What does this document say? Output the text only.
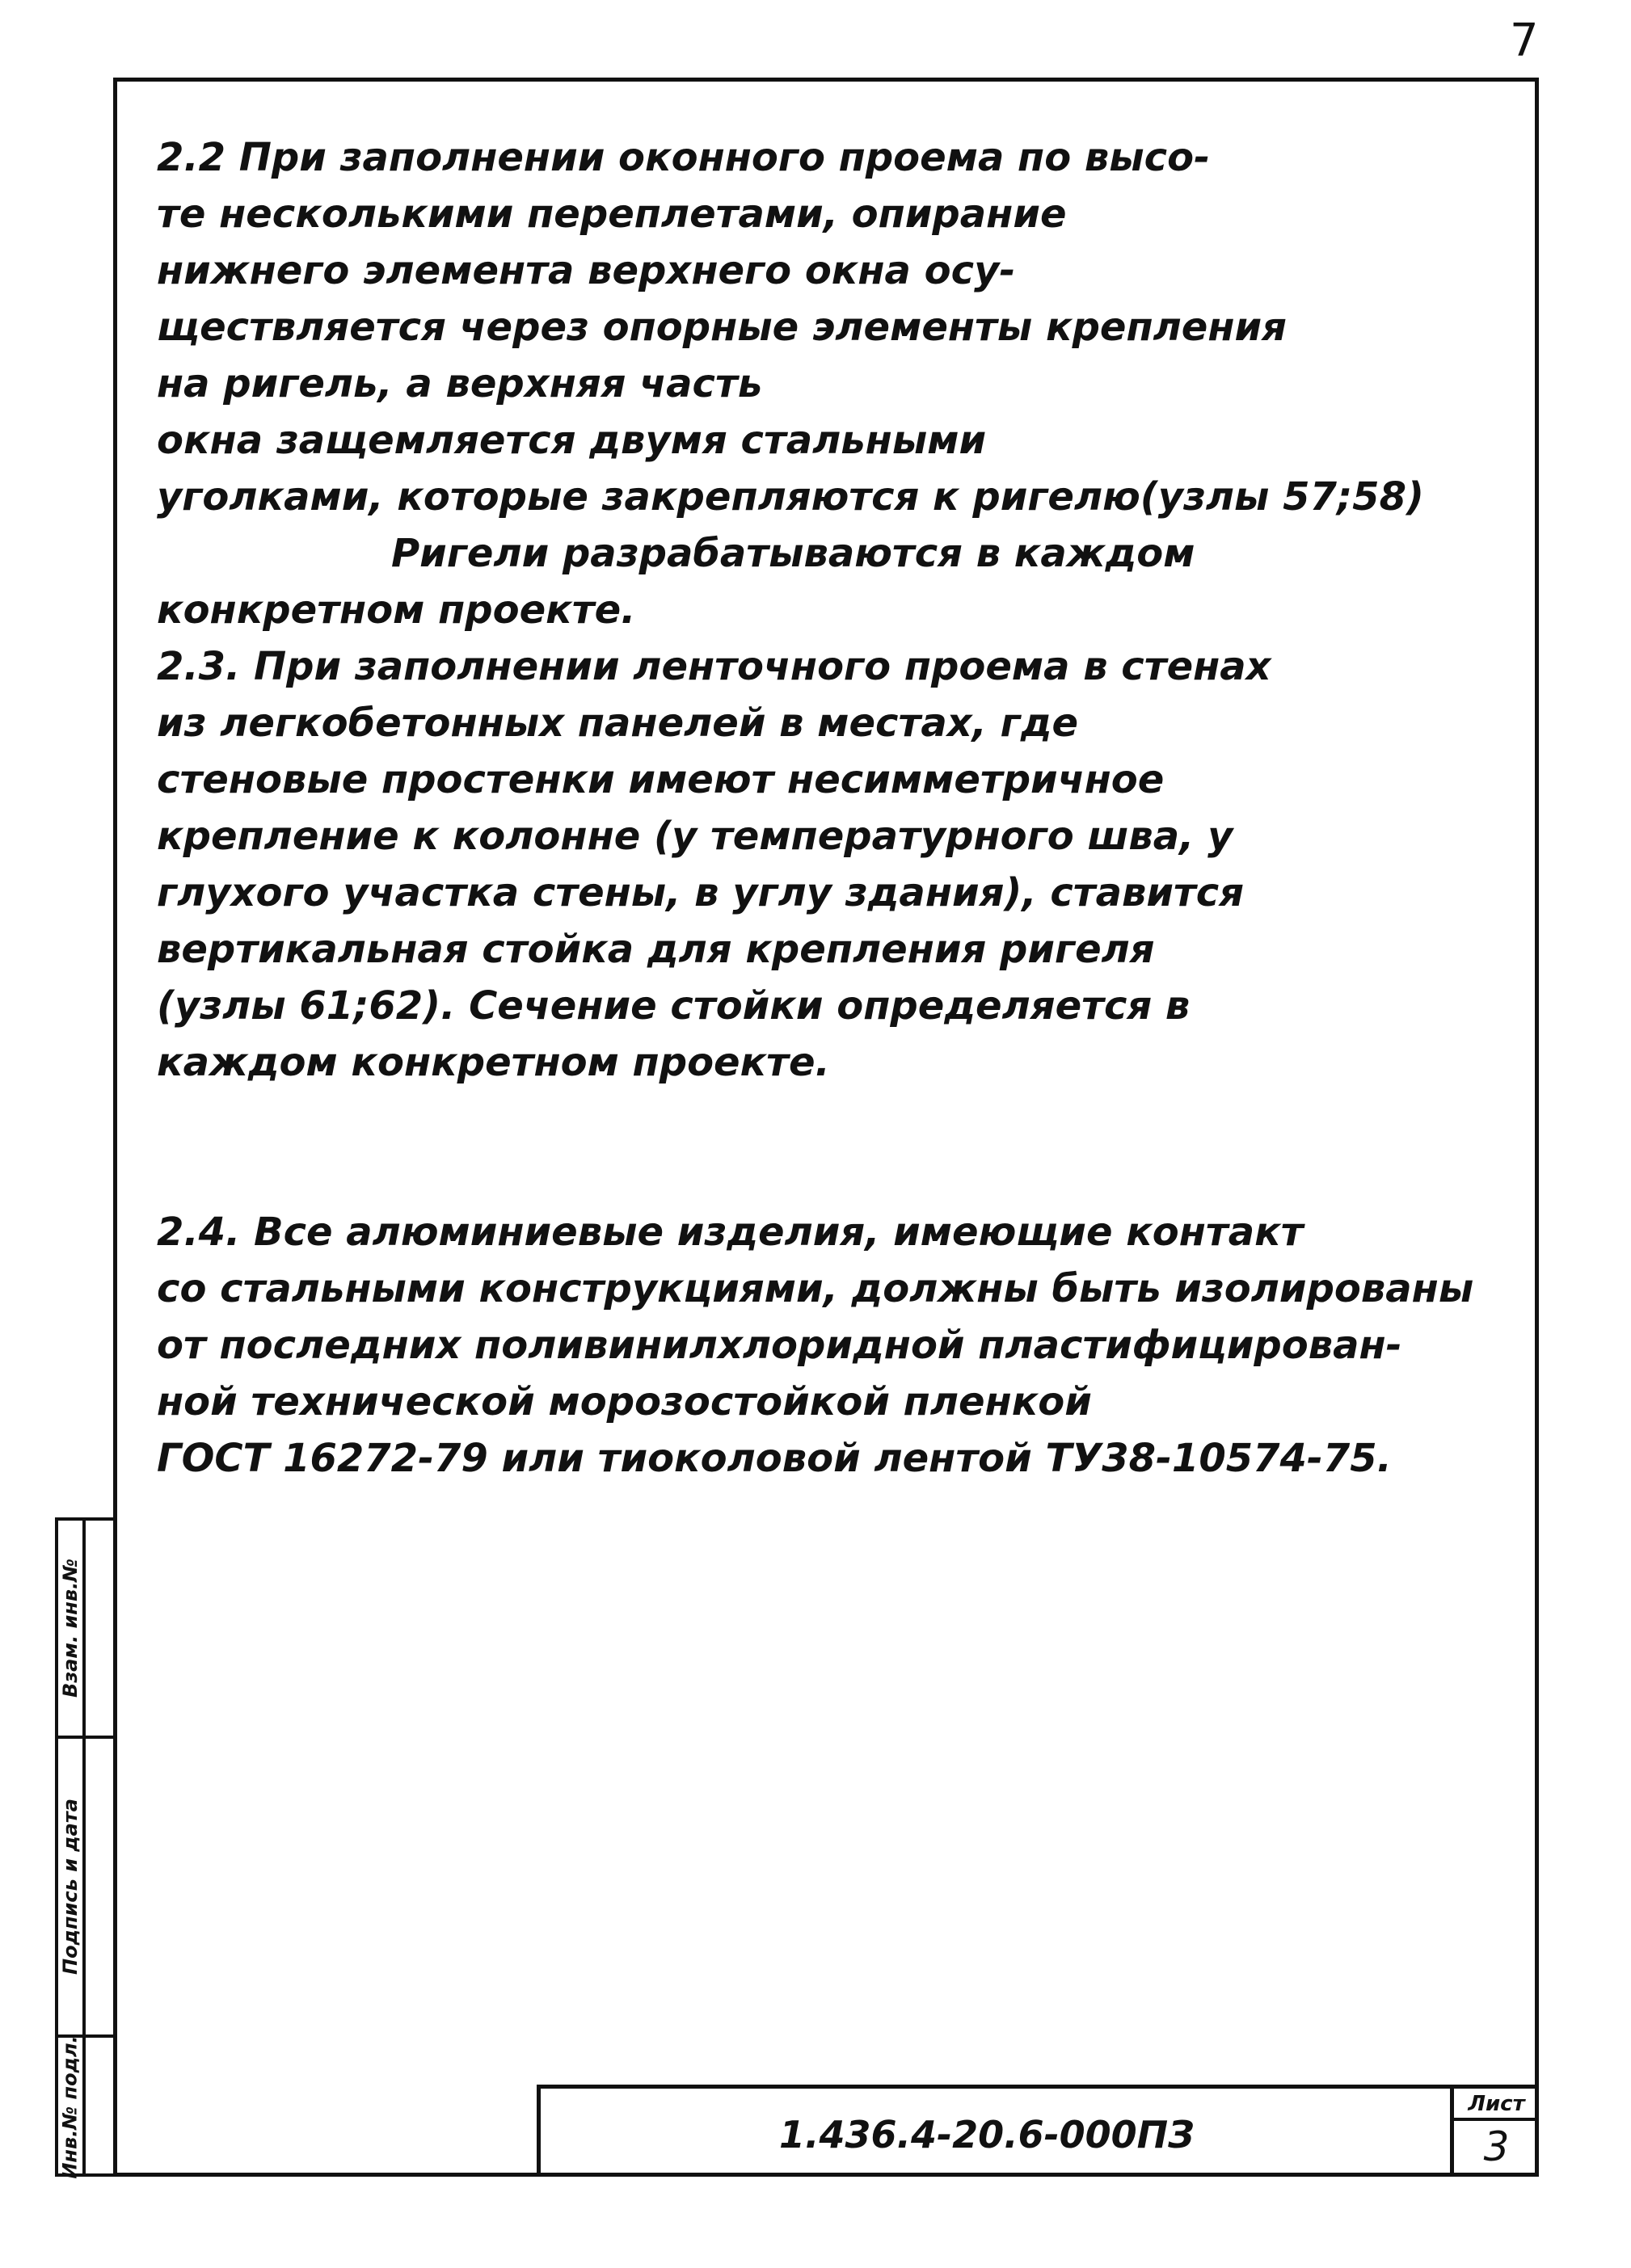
7
Взам. инв.№
Подпись и дата
Инв.№ подл.
2.2 При заполнении оконного проема по высо-
те несколькими переплетами, опирание
нижнего элемента верхнего окна осу-
ществляется через опорные элементы крепления
на ригель, а верхняя часть
окна защемляется двумя стальными
уголками, которые закрепляются к ригелю(узлы 57;58)
Ригели разрабатываются в каждом
конкретном проекте.
2.3. При заполнении ленточного проема в стенах
из легкобетонных панелей в местах, где
стеновые простенки имеют несимметричное
крепление к колонне (у температурного шва, у
глухого участка стены, в углу здания), ставится
вертикальная стойка для крепления ригеля
(узлы 61;62). Сечение стойки определяется в
каждом конкретном проекте.
2.4. Все алюминиевые изделия, имеющие контакт
со стальными конструкциями, должны быть изолированы
от последних поливинилхлоридной пластифицирован-
ной технической морозостойкой пленкой
ГОСТ 16272-79 или тиоколовой лентой ТУ38-10574-75.
1.436.4-20.6-000ПЗ
Лист
3
